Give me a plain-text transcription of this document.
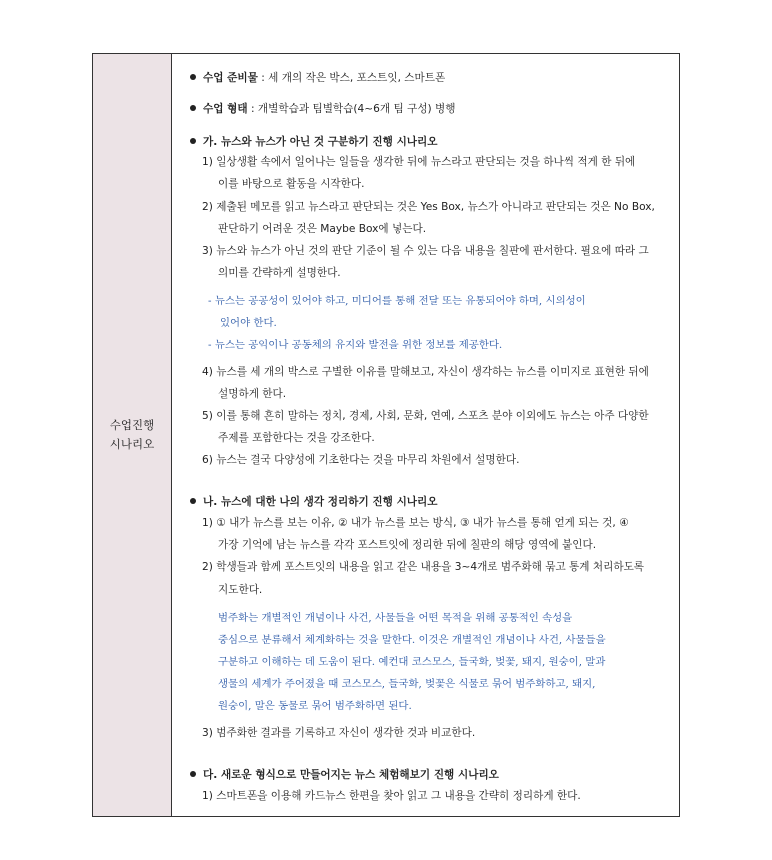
수업진행
시나리오
수업 준비물 : 세 개의 작은 박스, 포스트잇, 스마트폰
수업 형태 : 개별학습과 팀별학습(4~6개 팀 구성) 병행
가. 뉴스와 뉴스가 아닌 것 구분하기 진행 시나리오
1) 일상생활 속에서 일어나는 일들을 생각한 뒤에 뉴스라고 판단되는 것을 하나씩 적게 한 뒤에
이를 바탕으로 활동을 시작한다.
2) 제출된 메모를 읽고 뉴스라고 판단되는 것은 Yes Box, 뉴스가 아니라고 판단되는 것은 No Box,
판단하기 어려운 것은 Maybe Box에 넣는다.
3) 뉴스와 뉴스가 아닌 것의 판단 기준이 될 수 있는 다음 내용을 칠판에 판서한다. 필요에 따라 그
의미를 간략하게 설명한다.
- 뉴스는 공공성이 있어야 하고, 미디어를 통해 전달 또는 유통되어야 하며, 시의성이
있어야 한다.
- 뉴스는 공익이나 공동체의 유지와 발전을 위한 정보를 제공한다.
4) 뉴스를 세 개의 박스로 구별한 이유를 말해보고, 자신이 생각하는 뉴스를 이미지로 표현한 뒤에
설명하게 한다.
5) 이를 통해 흔히 말하는 정치, 경제, 사회, 문화, 연예, 스포츠 분야 이외에도 뉴스는 아주 다양한
주제를 포함한다는 것을 강조한다.
6) 뉴스는 결국 다양성에 기초한다는 것을 마무리 차원에서 설명한다.
나. 뉴스에 대한 나의 생각 정리하기 진행 시나리오
1) ① 내가 뉴스를 보는 이유, ② 내가 뉴스를 보는 방식, ③ 내가 뉴스를 통해 얻게 되는 것, ④
가장 기억에 남는 뉴스를 각각 포스트잇에 정리한 뒤에 칠판의 해당 영역에 붙인다.
2) 학생들과 함께 포스트잇의 내용을 읽고 같은 내용을 3~4개로 범주화해 묶고 통계 처리하도록
지도한다.
범주화는 개별적인 개념이나 사건, 사물들을 어떤 목적을 위해 공통적인 속성을
중심으로 분류해서 체계화하는 것을 말한다. 이것은 개별적인 개념이나 사건, 사물들을
구분하고 이해하는 데 도움이 된다. 예컨대 코스모스, 들국화, 벚꽃, 돼지, 원숭이, 말과
생물의 세계가 주어졌을 때 코스모스, 들국화, 벚꽃은 식물로 묶어 범주화하고, 돼지,
원숭이, 말은 동물로 묶어 범주화하면 된다.
3) 범주화한 결과를 기록하고 자신이 생각한 것과 비교한다.
다. 새로운 형식으로 만들어지는 뉴스 체험해보기 진행 시나리오
1) 스마트폰을 이용해 카드뉴스 한편을 찾아 읽고 그 내용을 간략히 정리하게 한다.
